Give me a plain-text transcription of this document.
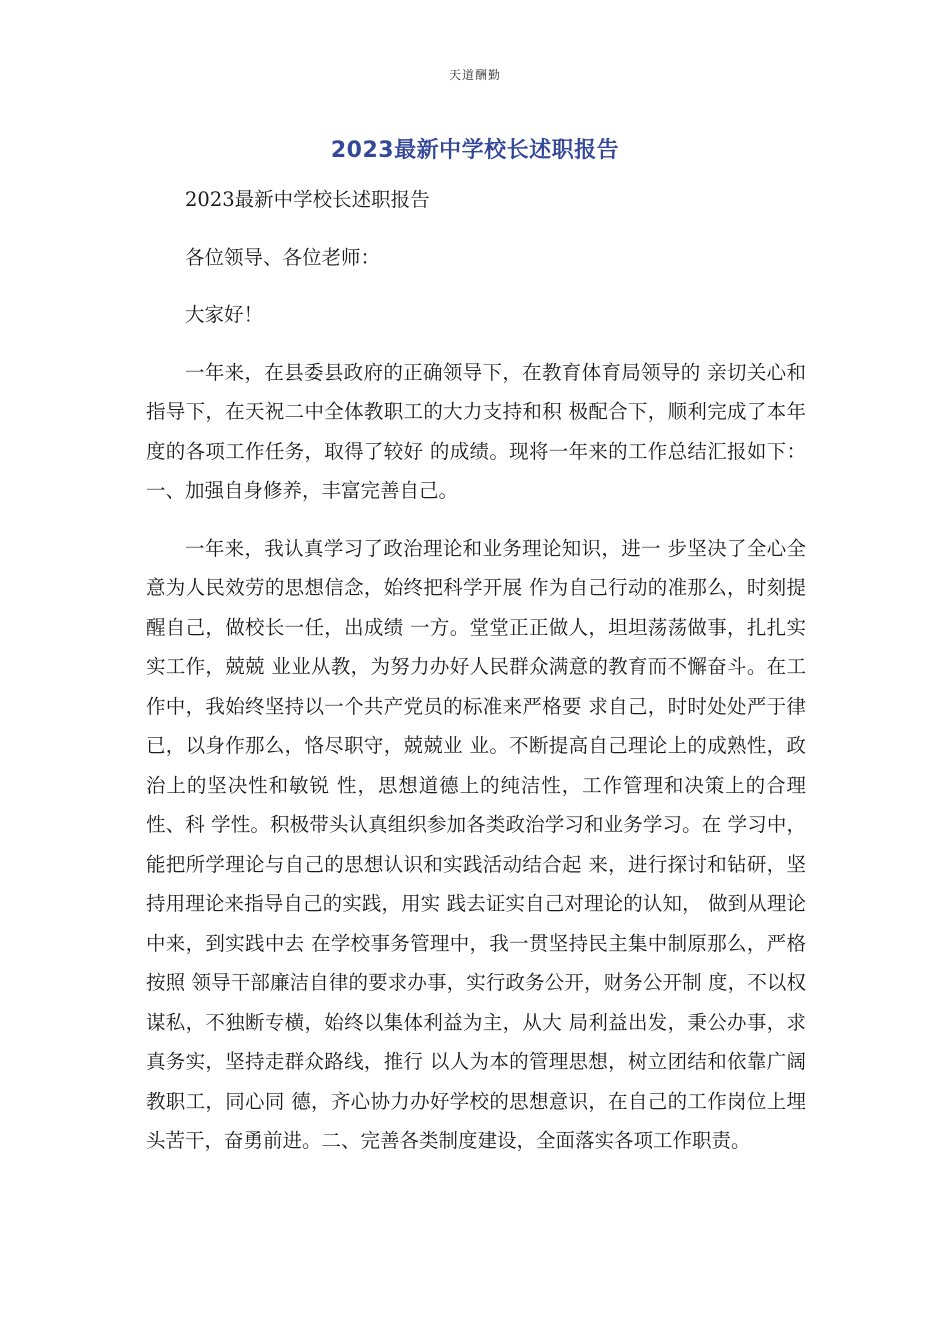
天道酬勤
2023最新中学校长述职报告

2023最新中学校长述职报告

各位领导、各位老师：

大家好！

一年来，在县委县政府的正确领导下，在教育体育局领导的 亲切关心和指导下，在天祝二中全体教职工的大力支持和积 极配合下，顺利完成了本年度的各项工作任务，取得了较好 的成绩。现将一年来的工作总结汇报如下：一、加强自身修养，丰富完善自己。

一年来，我认真学习了政治理论和业务理论知识，进一 步坚决了全心全意为人民效劳的思想信念，始终把科学开展 作为自己行动的准那么，时刻提醒自己，做校长一任，出成绩 一方。堂堂正正做人，坦坦荡荡做事，扎扎实实工作，兢兢 业业从教，为努力办好人民群众满意的教育而不懈奋斗。在工作中，我始终坚持以一个共产党员的标准来严格要 求自己，时时处处严于律已，以身作那么，恪尽职守，兢兢业 业。不断提高自己理论上的成熟性，政治上的坚决性和敏锐 性，思想道德上的纯洁性，工作管理和决策上的合理性、科 学性。积极带头认真组织参加各类政治学习和业务学习。在 学习中，能把所学理论与自己的思想认识和实践活动结合起 来，进行探讨和钻研，坚持用理论来指导自己的实践，用实 践去证实自己对理论的认知， 做到从理论中来，到实践中去 在学校事务管理中，我一贯坚持民主集中制原那么，严格按照 领导干部廉洁自律的要求办事，实行政务公开，财务公开制 度，不以权谋私，不独断专横，始终以集体利益为主，从大 局利益出发，秉公办事，求真务实，坚持走群众路线，推行 以人为本的管理思想，树立团结和依靠广阔教职工，同心同 德，齐心协力办好学校的思想意识，在自己的工作岗位上埋 头苦干，奋勇前进。二、完善各类制度建设，全面落实各项工作职责。
